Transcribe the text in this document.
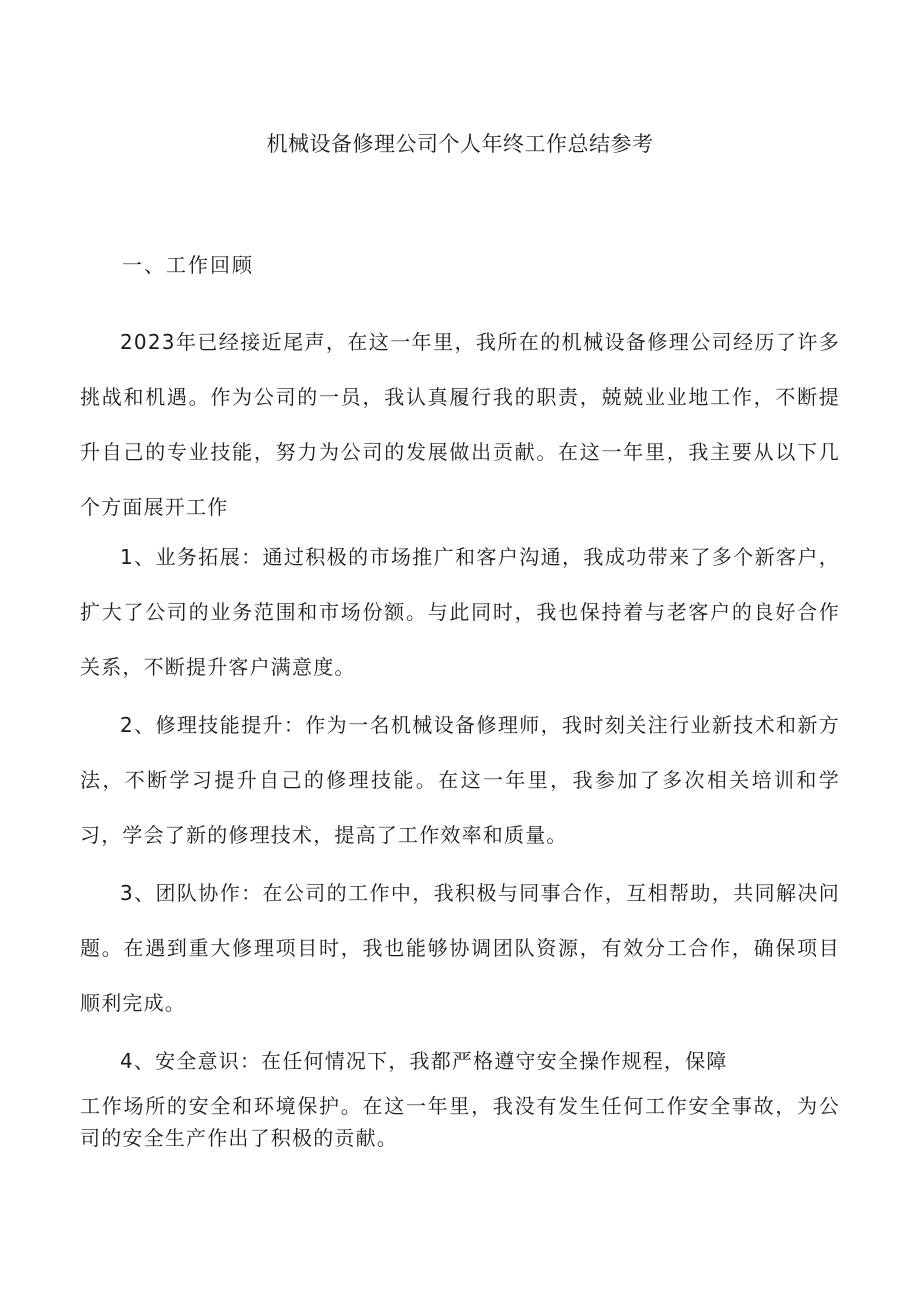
机械设备修理公司个人年终工作总结参考
一、工作回顾

2023年已经接近尾声，在这一年里，我所在的机械设备修理公司经历了许多挑战和机遇。作为公司的一员，我认真履行我的职责，兢兢业业地工作，不断提升自己的专业技能，努力为公司的发展做出贡献。在这一年里，我主要从以下几个方面展开工作

1、业务拓展：通过积极的市场推广和客户沟通，我成功带来了多个新客户，扩大了公司的业务范围和市场份额。与此同时，我也保持着与老客户的良好合作关系，不断提升客户满意度。

2、修理技能提升：作为一名机械设备修理师，我时刻关注行业新技术和新方法，不断学习提升自己的修理技能。在这一年里，我参加了多次相关培训和学习，学会了新的修理技术，提高了工作效率和质量。

3、团队协作：在公司的工作中，我积极与同事合作，互相帮助，共同解决问题。在遇到重大修理项目时，我也能够协调团队资源，有效分工合作，确保项目顺利完成。

4、安全意识：在任何情况下，我都严格遵守安全操作规程，保障

工作场所的安全和环境保护。在这一年里，我没有发生任何工作安全事故，为公司的安全生产作出了积极的贡献。
